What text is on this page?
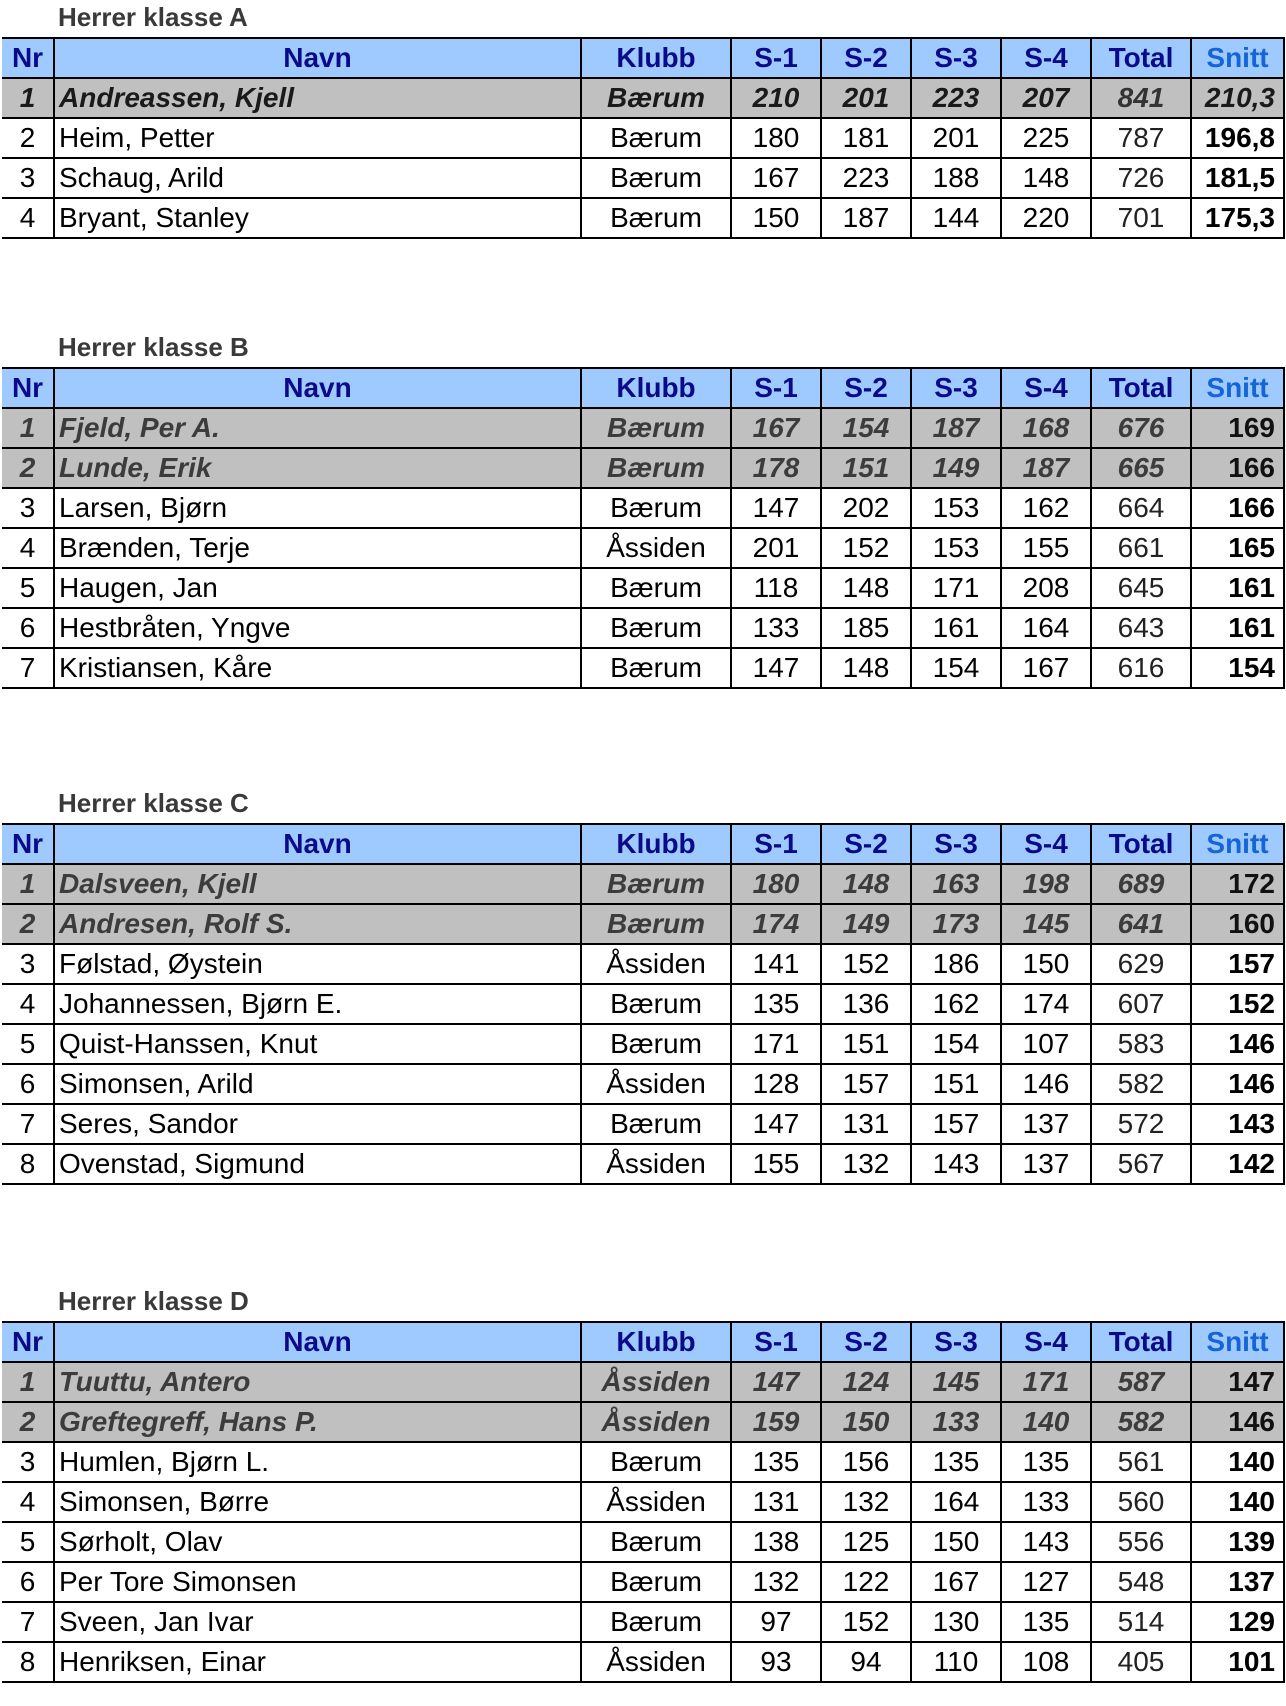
Herrer klasse A
Nr	Navn	Klubb	S-1	S-2	S-3	S-4	Total	Snitt
1	Andreassen, Kjell	Bærum	210	201	223	207	841	210,3
2	Heim, Petter	Bærum	180	181	201	225	787	196,8
3	Schaug, Arild	Bærum	167	223	188	148	726	181,5
4	Bryant, Stanley	Bærum	150	187	144	220	701	175,3
Herrer klasse B
Nr	Navn	Klubb	S-1	S-2	S-3	S-4	Total	Snitt
1	Fjeld, Per A.	Bærum	167	154	187	168	676	169
2	Lunde, Erik	Bærum	178	151	149	187	665	166
3	Larsen, Bjørn	Bærum	147	202	153	162	664	166
4	Brænden, Terje	Åssiden	201	152	153	155	661	165
5	Haugen, Jan	Bærum	118	148	171	208	645	161
6	Hestbråten, Yngve	Bærum	133	185	161	164	643	161
7	Kristiansen, Kåre	Bærum	147	148	154	167	616	154
Herrer klasse C
Nr	Navn	Klubb	S-1	S-2	S-3	S-4	Total	Snitt
1	Dalsveen, Kjell	Bærum	180	148	163	198	689	172
2	Andresen, Rolf S.	Bærum	174	149	173	145	641	160
3	Følstad, Øystein	Åssiden	141	152	186	150	629	157
4	Johannessen, Bjørn E.	Bærum	135	136	162	174	607	152
5	Quist-Hanssen, Knut	Bærum	171	151	154	107	583	146
6	Simonsen, Arild	Åssiden	128	157	151	146	582	146
7	Seres, Sandor	Bærum	147	131	157	137	572	143
8	Ovenstad, Sigmund	Åssiden	155	132	143	137	567	142
Herrer klasse D
Nr	Navn	Klubb	S-1	S-2	S-3	S-4	Total	Snitt
1	Tuuttu, Antero	Åssiden	147	124	145	171	587	147
2	Greftegreff, Hans P.	Åssiden	159	150	133	140	582	146
3	Humlen, Bjørn L.	Bærum	135	156	135	135	561	140
4	Simonsen, Børre	Åssiden	131	132	164	133	560	140
5	Sørholt, Olav	Bærum	138	125	150	143	556	139
6	Per Tore Simonsen	Bærum	132	122	167	127	548	137
7	Sveen, Jan Ivar	Bærum	97	152	130	135	514	129
8	Henriksen, Einar	Åssiden	93	94	110	108	405	101
